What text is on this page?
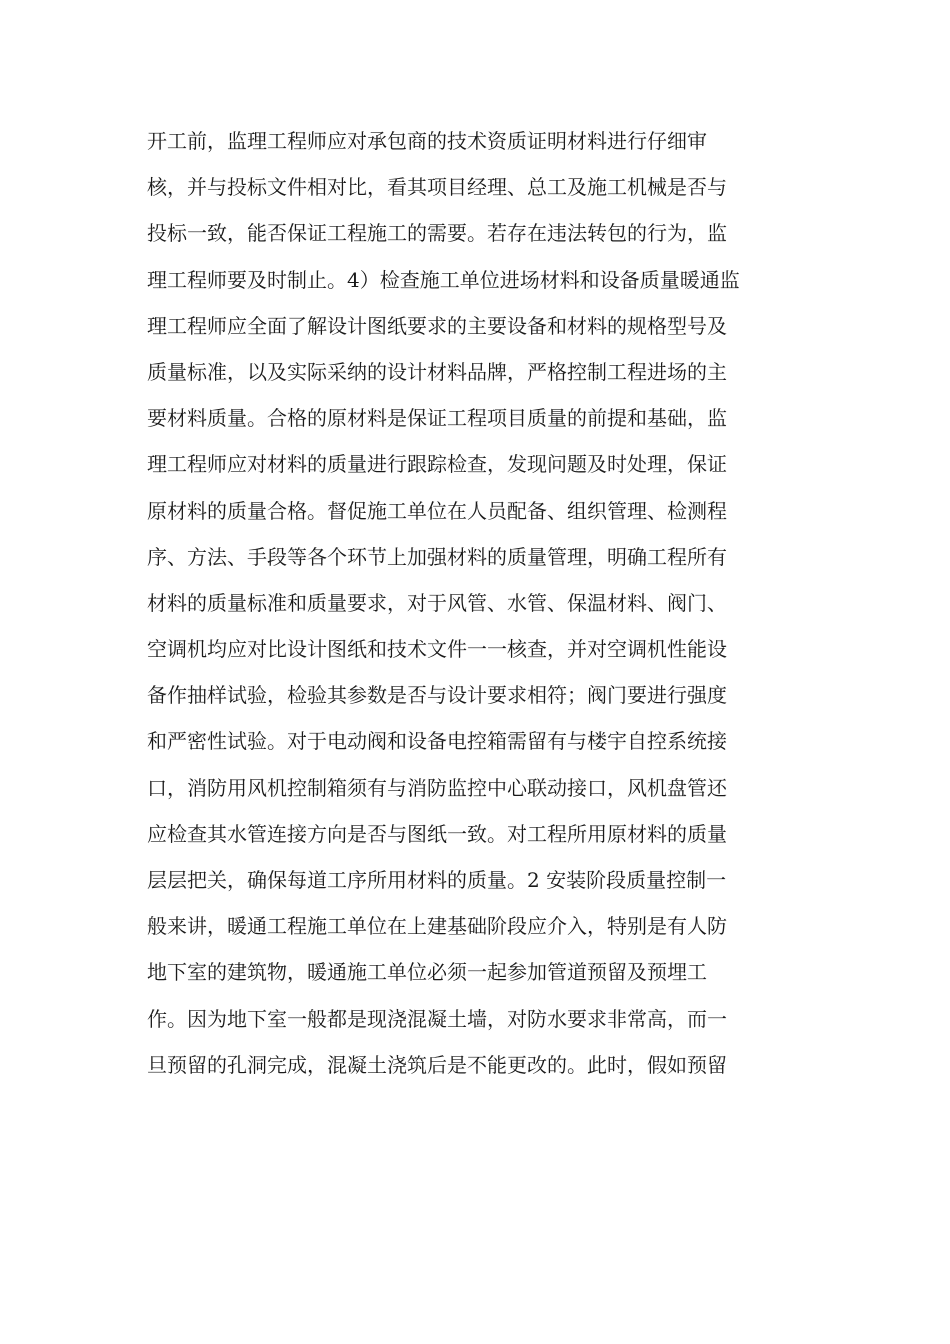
开工前，监理工程师应对承包商的技术资质证明材料进行仔细审
核，并与投标文件相对比，看其项目经理、总工及施工机械是否与
投标一致，能否保证工程施工的需要。若存在违法转包的行为，监
理工程师要及时制止。4）检查施工单位进场材料和设备质量暖通监
理工程师应全面了解设计图纸要求的主要设备和材料的规格型号及
质量标准，以及实际采纳的设计材料品牌，严格控制工程进场的主
要材料质量。合格的原材料是保证工程项目质量的前提和基础，监
理工程师应对材料的质量进行跟踪检查，发现问题及时处理，保证
原材料的质量合格。督促施工单位在人员配备、组织管理、检测程
序、方法、手段等各个环节上加强材料的质量管理，明确工程所有
材料的质量标准和质量要求，对于风管、水管、保温材料、阀门、
空调机均应对比设计图纸和技术文件一一核查，并对空调机性能设
备作抽样试验，检验其参数是否与设计要求相符；阀门要进行强度
和严密性试验。对于电动阀和设备电控箱需留有与楼宇自控系统接
口，消防用风机控制箱须有与消防监控中心联动接口，风机盘管还
应检查其水管连接方向是否与图纸一致。对工程所用原材料的质量
层层把关，确保每道工序所用材料的质量。2 安装阶段质量控制一
般来讲，暖通工程施工单位在上建基础阶段应介入，特别是有人防
地下室的建筑物，暖通施工单位必须一起参加管道预留及预埋工
作。因为地下室一般都是现浇混凝土墙，对防水要求非常高，而一
旦预留的孔洞完成，混凝土浇筑后是不能更改的。此时，假如预留
